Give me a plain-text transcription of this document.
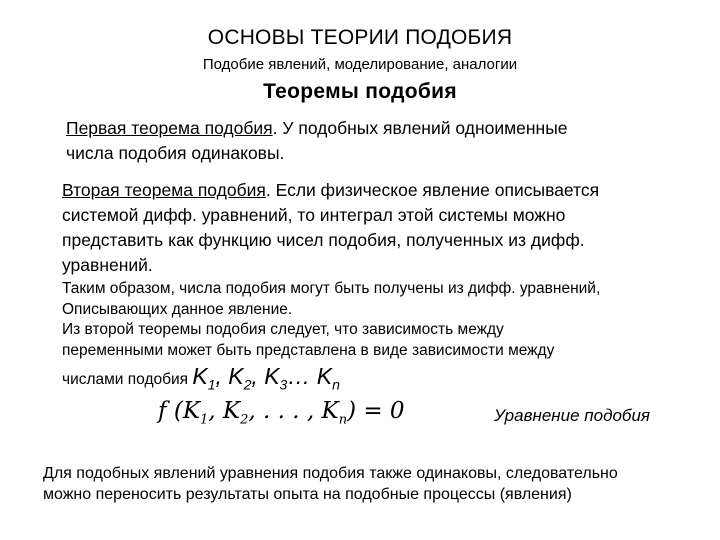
ОСНОВЫ ТЕОРИИ ПОДОБИЯ
Подобие явлений, моделирование, аналогии
Теоремы подобия
Первая теорема подобия. У подобных явлений одноименные
числа подобия одинаковы.
Вторая теорема подобия. Если физическое явление описывается
системой дифф. уравнений, то интеграл этой системы можно
представить как функцию чисел подобия, полученных из дифф.
уравнений.
Таким образом, числа подобия могут быть получены из дифф. уравнений,
Описывающих данное явление.
Из второй теоремы подобия следует, что зависимость между
переменными может быть представлена в виде зависимости между
числами подобия $K_1$, $K_2$, $K_3\dots$ $K_n$
f ($K_1$, $K_2$, . . . , $K_n) = 0$	Уравнение подобия
Для подобных явлений уравнения подобия также одинаковы, следовательно
можно переносить результаты опыта на подобные процессы (явления)
